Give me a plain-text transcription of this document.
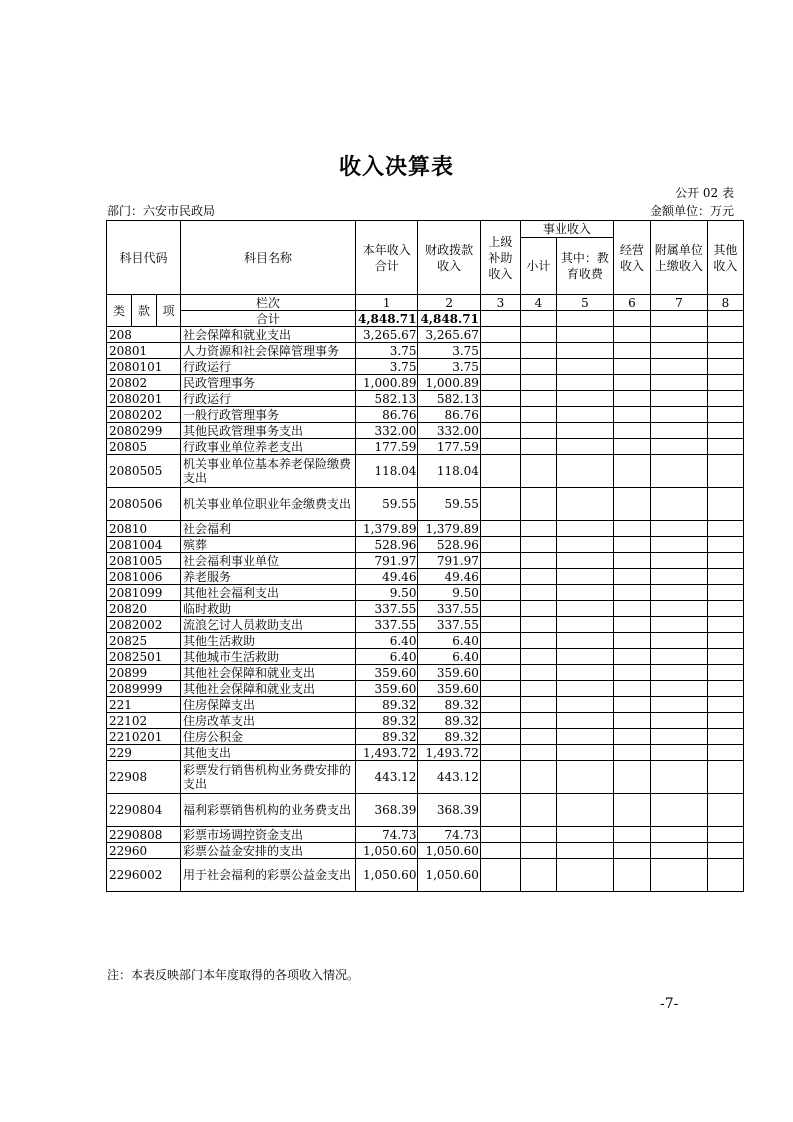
收入决算表
公开 02 表
部门：六安市民政局	金额单位：万元
科目代码			科目名称	本年收入合计	财政拨款收入	上级补助收入	事业收入		经营收入	附属单位上缴收入	其他收入
							小计	其中：教育收费			

类	款	项	栏次	1	2	3	4	5	6	7	8
			合计	4,848.71	4,848.71						
208			社会保障和就业支出	3,265.67	3,265.67						
20801			人力资源和社会保障管理事务	3.75	3.75						
2080101			行政运行	3.75	3.75						
20802			民政管理事务	1,000.89	1,000.89						
2080201			行政运行	582.13	582.13						
2080202			一般行政管理事务	86.76	86.76						
2080299			其他民政管理事务支出	332.00	332.00						
20805			行政事业单位养老支出	177.59	177.59						
2080505			机关事业单位基本养老保险缴费支出	118.04	118.04						
2080506			机关事业单位职业年金缴费支出	59.55	59.55						
20810			社会福利	1,379.89	1,379.89						
2081004			殡葬	528.96	528.96						
2081005			社会福利事业单位	791.97	791.97						
2081006			养老服务	49.46	49.46						
2081099			其他社会福利支出	9.50	9.50						
20820			临时救助	337.55	337.55						
2082002			流浪乞讨人员救助支出	337.55	337.55						
20825			其他生活救助	6.40	6.40						
2082501			其他城市生活救助	6.40	6.40						
20899			其他社会保障和就业支出	359.60	359.60						
2089999			其他社会保障和就业支出	359.60	359.60						
221			住房保障支出	89.32	89.32						
22102			住房改革支出	89.32	89.32						
2210201			住房公积金	89.32	89.32						
229			其他支出	1,493.72	1,493.72						
22908			彩票发行销售机构业务费安排的支出	443.12	443.12						
2290804			福利彩票销售机构的业务费支出	368.39	368.39						
2290808			彩票市场调控资金支出	74.73	74.73						
22960			彩票公益金安排的支出	1,050.60	1,050.60						
2296002			用于社会福利的彩票公益金支出	1,050.60	1,050.60						
注：本表反映部门本年度取得的各项收入情况。
-7-
